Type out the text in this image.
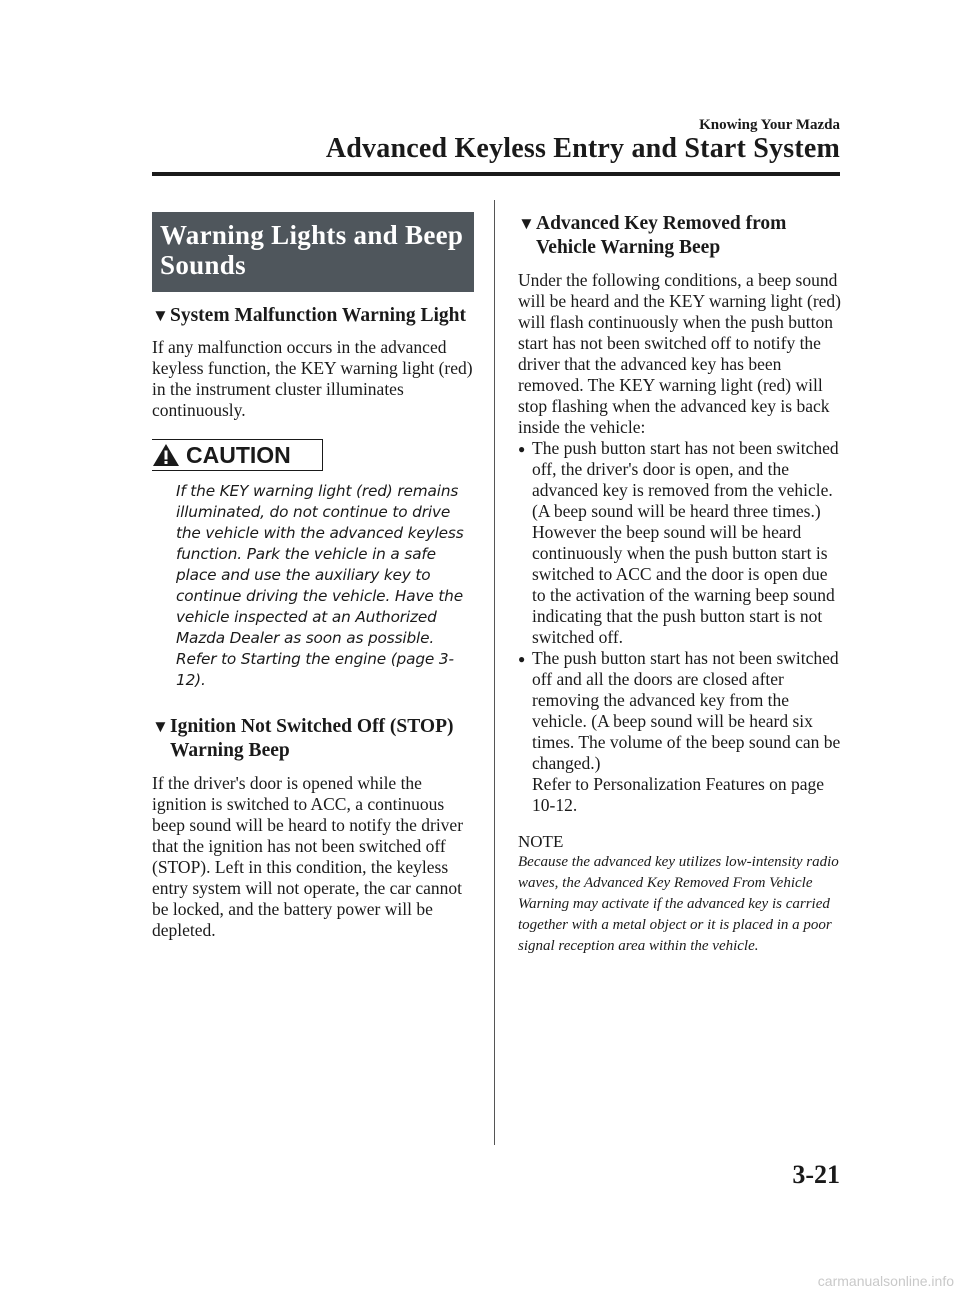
Knowing Your Mazda
Advanced Keyless Entry and Start System
Warning Lights and Beep Sounds
▼ System Malfunction Warning Light

If any malfunction occurs in the advanced keyless function, the KEY warning light (red) in the instrument cluster illuminates continuously.

CAUTION

If the KEY warning light (red) remains illuminated, do not continue to drive the vehicle with the advanced keyless function. Park the vehicle in a safe place and use the auxiliary key to continue driving the vehicle. Have the vehicle inspected at an Authorized Mazda Dealer as soon as possible. Refer to Starting the engine (page 3-12).

▼ Ignition Not Switched Off (STOP) Warning Beep

If the driver's door is opened while the ignition is switched to ACC, a continuous beep sound will be heard to notify the driver that the ignition has not been switched off (STOP). Left in this condition, the keyless entry system will not operate, the car cannot be locked, and the battery power will be depleted.

▼ Advanced Key Removed from Vehicle Warning Beep

Under the following conditions, a beep sound will be heard and the KEY warning light (red) will flash continuously when the push button start has not been switched off to notify the driver that the advanced key has been removed. The KEY warning light (red) will stop flashing when the advanced key is back inside the vehicle:

● The push button start has not been switched off, the driver's door is open, and the advanced key is removed from the vehicle. (A beep sound will be heard three times.)
However the beep sound will be heard continuously when the push button start is switched to ACC and the door is open due to the activation of the warning beep sound indicating that the push button start is not switched off.
● The push button start has not been switched off and all the doors are closed after removing the advanced key from the vehicle. (A beep sound will be heard six times. The volume of the beep sound can be changed.)
Refer to Personalization Features on page 10-12.

NOTE

Because the advanced key utilizes low-intensity radio waves, the Advanced Key Removed From Vehicle Warning may activate if the advanced key is carried together with a metal object or it is placed in a poor signal reception area within the vehicle.

3-21
carmanualsonline.info
